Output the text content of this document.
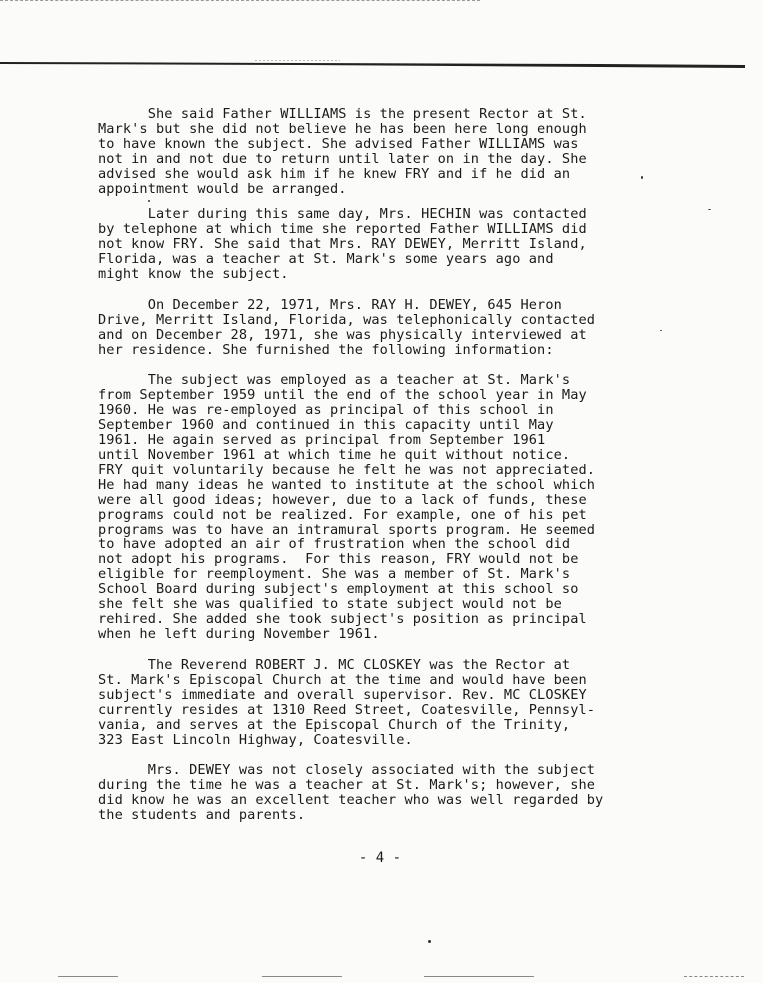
She said Father WILLIAMS is the present Rector at St.
Mark's but she did not believe he has been here long enough
to have known the subject. She advised Father WILLIAMS was
not in and not due to return until later on in the day. She
advised she would ask him if he knew FRY and if he did an
appointment would be arranged.
Later during this same day, Mrs. HECHIN was contacted
by telephone at which time she reported Father WILLIAMS did
not know FRY. She said that Mrs. RAY DEWEY, Merritt Island,
Florida, was a teacher at St. Mark's some years ago and
might know the subject.
On December 22, 1971, Mrs. RAY H. DEWEY, 645 Heron
Drive, Merritt Island, Florida, was telephonically contacted
and on December 28, 1971, she was physically interviewed at
her residence. She furnished the following information:
The subject was employed as a teacher at St. Mark's
from September 1959 until the end of the school year in May
1960. He was re-employed as principal of this school in
September 1960 and continued in this capacity until May
1961. He again served as principal from September 1961
until November 1961 at which time he quit without notice.
FRY quit voluntarily because he felt he was not appreciated.
He had many ideas he wanted to institute at the school which
were all good ideas; however, due to a lack of funds, these
programs could not be realized. For example, one of his pet
programs was to have an intramural sports program. He seemed
to have adopted an air of frustration when the school did
not adopt his programs.  For this reason, FRY would not be
eligible for reemployment. She was a member of St. Mark's
School Board during subject's employment at this school so
she felt she was qualified to state subject would not be
rehired. She added she took subject's position as principal
when he left during November 1961.
The Reverend ROBERT J. MC CLOSKEY was the Rector at
St. Mark's Episcopal Church at the time and would have been
subject's immediate and overall supervisor. Rev. MC CLOSKEY
currently resides at 1310 Reed Street, Coatesville, Pennsyl-
vania, and serves at the Episcopal Church of the Trinity,
323 East Lincoln Highway, Coatesville.
Mrs. DEWEY was not closely associated with the subject
during the time he was a teacher at St. Mark's; however, she
did know he was an excellent teacher who was well regarded by
the students and parents.
- 4 -
